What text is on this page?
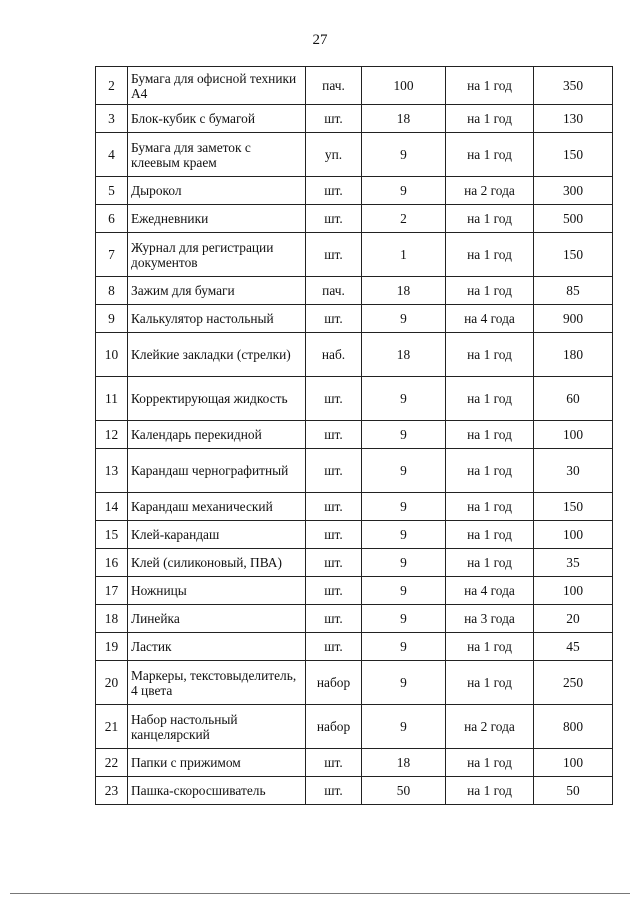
27
2	Бумага для офисной техники А4	пач.	100	на 1 год	350
3	Блок-кубик с бумагой	шт.	18	на 1 год	130
4	Бумага для заметок с клеевым краем	уп.	9	на 1 год	150
5	Дырокол	шт.	9	на 2 года	300
6	Ежедневники	шт.	2	на 1 год	500
7	Журнал для регистрации документов	шт.	1	на 1 год	150
8	Зажим для бумаги	пач.	18	на 1 год	85
9	Калькулятор настольный	шт.	9	на 4 года	900
10	Клейкие закладки (стрелки)	наб.	18	на 1 год	180
11	Корректирующая жидкость	шт.	9	на 1 год	60
12	Календарь перекидной	шт.	9	на 1 год	100
13	Карандаш чернографитный	шт.	9	на 1 год	30
14	Карандаш механический	шт.	9	на 1 год	150
15	Клей-карандаш	шт.	9	на 1 год	100
16	Клей (силиконовый, ПВА)	шт.	9	на 1 год	35
17	Ножницы	шт.	9	на 4 года	100
18	Линейка	шт.	9	на 3 года	20
19	Ластик	шт.	9	на 1 год	45
20	Маркеры, текстовыделитель, 4 цвета	набор	9	на 1 год	250
21	Набор настольный канцелярский	набор	9	на 2 года	800
22	Папки с прижимом	шт.	18	на 1 год	100
23	Пашка-скоросшиватель	шт.	50	на 1 год	50
